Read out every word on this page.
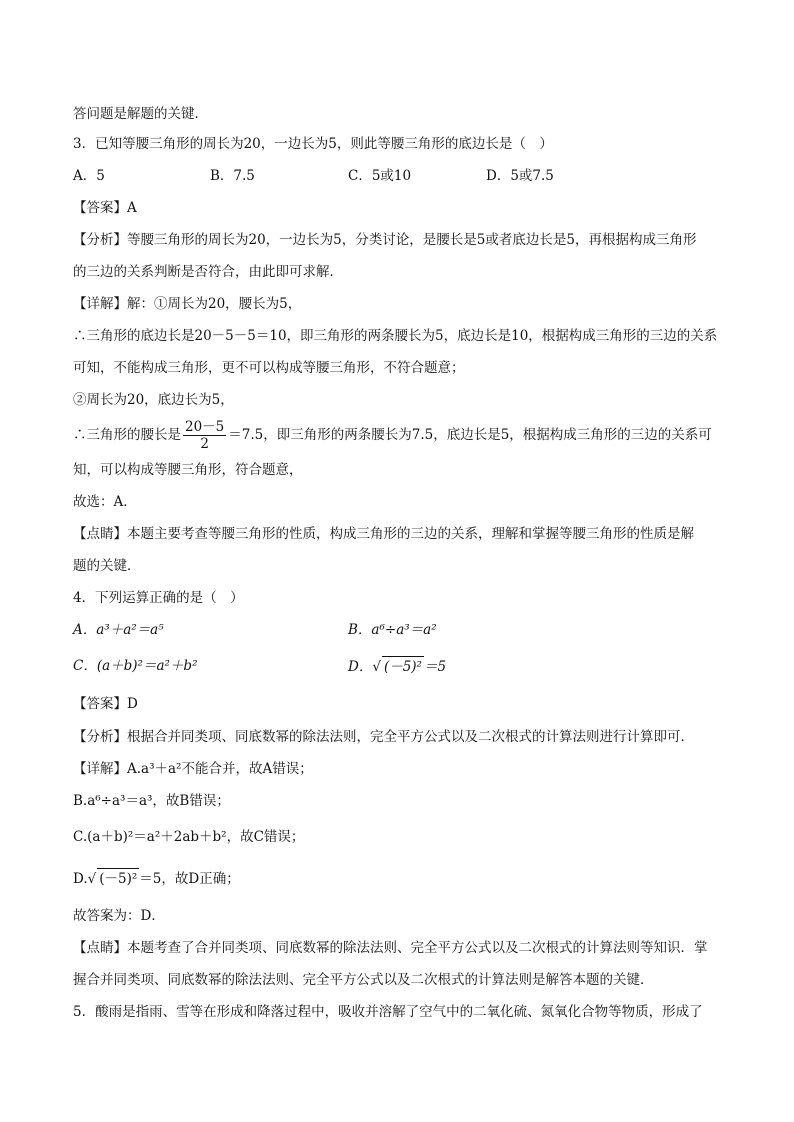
答问题是解题的关键．
3．已知等腰三角形的周长为20，一边长为5，则此等腰三角形的底边长是（　）
A．5	B．7.5	C．5或10	D．5或7.5
【答案】A
【分析】等腰三角形的周长为20，一边长为5，分类讨论，是腰长是5或者底边长是5，再根据构成三角形
的三边的关系判断是否符合，由此即可求解．
【详解】解：①周长为20，腰长为5，
∴三角形的底边长是20－5－5＝10，即三角形的两条腰长为5，底边长是10，根据构成三角形的三边的关系
可知，不能构成三角形，更不可以构成等腰三角形，不符合题意；
②周长为20，底边长为5，
∴三角形的腰长是 $\frac{20-5}{2} =7.5$，即三角形的两条腰长为7.5，底边长是5，根据构成三角形的三边的关系可
知，可以构成等腰三角形，符合题意，
故选：A．
【点睛】本题主要考查等腰三角形的性质，构成三角形的三边的关系，理解和掌握等腰三角形的性质是解
题的关键．
4．下列运算正确的是（　）
A．a³＋a²＝a⁵	B．a⁶÷a³＝a²
C．(a＋b)²＝a²＋b²	D．√ (－5)² ＝5
【答案】D
【分析】根据合并同类项、同底数幂的除法法则，完全平方公式以及二次根式的计算法则进行计算即可．
【详解】A.a³＋a²不能合并，故A错误；
B.a⁶÷a³＝a³，故B错误；
C.(a＋b)²＝a²＋2ab＋b²，故C错误；
D.√ (－5)² ＝5，故D正确；
故答案为：D．
【点睛】本题考查了合并同类项、同底数幂的除法法则、完全平方公式以及二次根式的计算法则等知识．掌
握合并同类项、同底数幂的除法法则、完全平方公式以及二次根式的计算法则是解答本题的关键．
5．酸雨是指雨、雪等在形成和降落过程中，吸收并溶解了空气中的二氧化硫、氮氧化合物等物质，形成了
